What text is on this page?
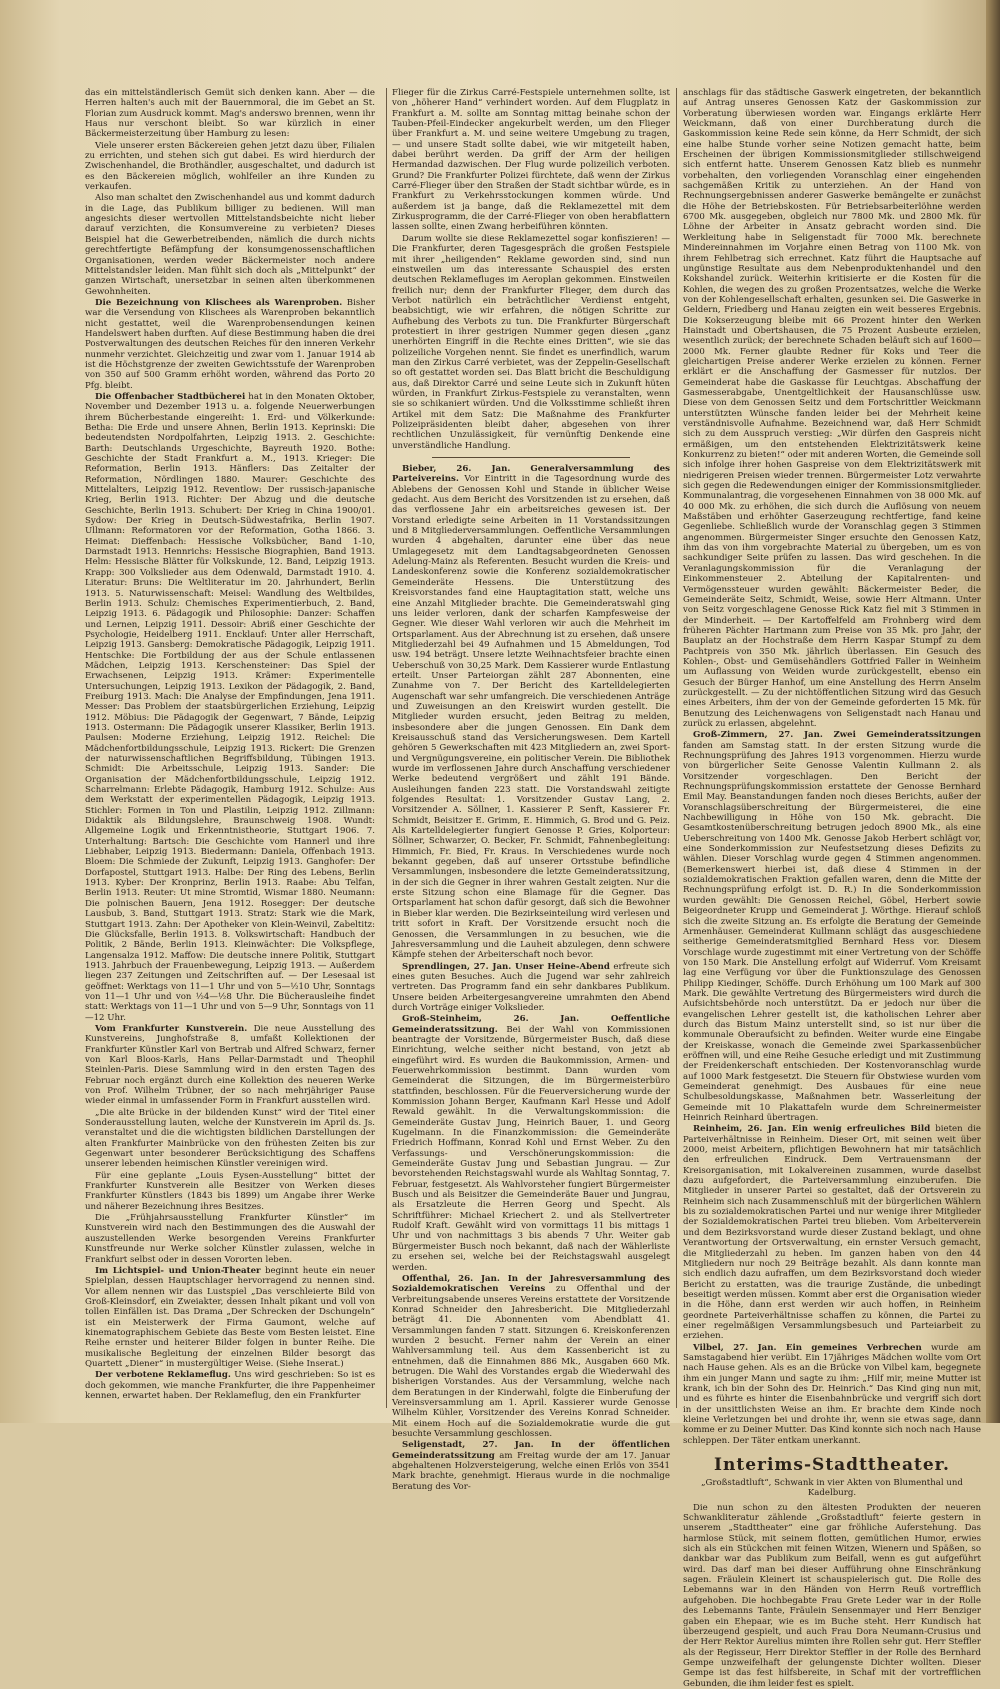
das ein mittelständlerisch Gemüt sich denken kann. Aber — die Herren halten's auch mit der Bauernmoral, die im Gebet an St. Florian zum Ausdruck kommt. Mag's anderswo brennen, wenn ihr Haus nur verschont bleibt. So war kürzlich in einer Bäckermeisterzeitung über Hamburg zu lesen:

Viele unserer ersten Bäckereien gehen jetzt dazu über, Filialen zu errichten, und stehen sich gut dabei. Es wird hierdurch der Zwischenhandel, die Brothändler, ausgeschaltet, und dadurch ist es den Bäckereien möglich, wohlfeiler an ihre Kunden zu verkaufen.

Also man schaltet den Zwischenhandel aus und kommt dadurch in die Lage, das Publikum billiger zu bedienen. Will man angesichts dieser wertvollen Mittelstandsbeichte nicht lieber darauf verzichten, die Konsumvereine zu verbieten? Dieses Beispiel hat die Gewerbetreibenden, nämlich die durch nichts gerechtfertigte Befämpfung der konsumgenossenschaftlichen Organisationen, werden weder Bäckermeister noch andere Mittelstandsler leiden. Man fühlt sich doch als „Mittelpunkt“ der ganzen Wirtschaft, unersetzbar in seinen alten überkommenen Gewohnheiten.

Die Bezeichnung von Klischees als Warenproben. Bisher war die Versendung von Klischees als Warenproben bekanntlich nicht gestattet, weil die Warenprobensendungen keinen Handelswert haben durften. Auf diese Bestimmung haben die drei Postverwaltungen des deutschen Reiches für den inneren Verkehr nunmehr verzichtet. Gleichzeitig und zwar vom 1. Januar 1914 ab ist die Höchstgrenze der zweiten Gewichtsstufe der Warenproben von 350 auf 500 Gramm erhöht worden, während das Porto 20 Pfg. bleibt.

Die Offenbacher Stadtbücherei hat in den Monaten Oktober, November und Dezember 1913 u. a. folgende Neuerwerbungen ihrem Bücherbestande eingereiht: 1. Erd- und Völkerkunde: Betha: Die Erde und unsere Ahnen, Berlin 1913. Keprinski: Die bedeutendsten Nordpolfahrten, Leipzig 1913. 2. Geschichte: Barth: Deutschlands Urgeschichte, Bayreuth 1920. Bothe: Geschichte der Stadt Frankfurt a. M., 1913. Krieger: Die Reformation, Berlin 1913. Hänflers: Das Zeitalter der Reformation, Nördlingen 1880. Maurer: Geschichte des Mittelalters, Leipzig 1912. Reventlow: Der russisch-japanische Krieg, Berlin 1913. Richter: Der Abzug und die deutsche Geschichte, Berlin 1913. Schubert: Der Krieg in China 1900/01. Sydow: Der Krieg in Deutsch-Südwestafrika, Berlin 1907. Ullmann: Reformatoren vor der Reformation, Gotha 1866. 3. Heimat: Dieffenbach: Hessische Volksbücher, Band 1-10, Darmstadt 1913. Hennrichs: Hessische Biographien, Band 1913. Helm: Hessische Blätter für Volkskunde, 12. Band, Leipzig 1913. Krapp: 300 Volkslieder aus dem Odenwald, Darmstadt 1910. 4. Literatur: Bruns: Die Weltliteratur im 20. Jahrhundert, Berlin 1913. 5. Naturwissenschaft: Meisel: Wandlung des Weltbildes, Berlin 1913. Schulz: Chemisches Experimentierbuch, 2. Band, Leipzig 1913. 6. Pädagogik und Philosophie: Danzer: Schaffen und Lernen, Leipzig 1911. Dessoir: Abriß einer Geschichte der Psychologie, Heidelberg 1911. Encklauf: Unter aller Herrschaft, Leipzig 1913. Gansberg: Demokratische Pädagogik, Leipzig 1911. Hentschke: Die Fortbildung der aus der Schule entlassenen Mädchen, Leipzig 1913. Kerschensteiner: Das Spiel der Erwachsenen, Leipzig 1913. Krämer: Experimentelle Untersuchungen, Leipzig 1913. Lexikon der Pädagogik, 2. Band, Freiburg 1913. Mach: Die Analyse der Empfindungen, Jena 1911. Messer: Das Problem der staatsbürgerlichen Erziehung, Leipzig 1912. Möbius: Die Pädagogik der Gegenwart, 7 Bände, Leipzig 1913. Ostermann: Die Pädagogik unserer Klassiker, Berlin 1913. Paulsen: Moderne Erziehung, Leipzig 1912. Reichel: Die Mädchenfortbildungsschule, Leipzig 1913. Rickert: Die Grenzen der naturwissenschaftlichen Begriffsbildung, Tübingen 1913. Schmidt: Die Arbeitsschule, Leipzig 1913. Sander: Die Organisation der Mädchenfortbildungsschule, Leipzig 1912. Scharrelmann: Erlebte Pädagogik, Hamburg 1912. Schulze: Aus dem Werkstatt der experimentellen Pädagogik, Leipzig 1913. Stichler: Formen in Ton und Plastilin, Leipzig 1912. Zillmann: Didaktik als Bildungslehre, Braunschweig 1908. Wundt: Allgemeine Logik und Erkenntnistheorie, Stuttgart 1906. 7. Unterhaltung: Bartsch: Die Geschichte vom Hannerl und ihre Liebhaber, Leipzig 1913. Biedermann: Daniela, Offenbach 1913. Bloem: Die Schmiede der Zukunft, Leipzig 1913. Ganghofer: Der Dorfapostel, Stuttgart 1913. Halbe: Der Ring des Lebens, Berlin 1913. Kyber: Der Kronprinz, Berlin 1913. Raabe: Abu Telfan, Berlin 1913. Reuter: Ut mine Stromtid, Wismar 1880. Neumann: Die polnischen Bauern, Jena 1912. Rosegger: Der deutsche Lausbub, 3. Band, Stuttgart 1913. Stratz: Stark wie die Mark, Stuttgart 1913. Zahn: Der Apotheker von Klein-Weinvil, Zabeltitz: Die Glücksfalle, Berlin 1913. 8. Volkswirtschaft: Handbuch der Politik, 2 Bände, Berlin 1913. Kleinwächter: Die Volkspflege, Langensalza 1912. Maffow: Die deutsche innere Politik, Stuttgart 1913. Jahrbuch der Frauenbewegung, Leipzig 1913. — Außerdem liegen 237 Zeitungen und Zeitschriften auf. — Der Lesesaal ist geöffnet: Werktags von 11—1 Uhr und von 5—½10 Uhr, Sonntags von 11—1 Uhr und von ½4—½8 Uhr. Die Bücherausleihe findet statt: Werktags von 11—1 Uhr und von 5—9 Uhr, Sonntags von 11—12 Uhr.

Vom Frankfurter Kunstverein. Die neue Ausstellung des Kunstvereins, Junghofstraße 8, umfaßt Kollektionen der Frankfurter Künstler Karl von Bertrab und Alfred Schwarz, ferner von Karl Bloos-Karls, Hans Pellar-Darmstadt und Theophil Steinlen-Paris. Diese Sammlung wird in den ersten Tagen des Februar noch ergänzt durch eine Kollektion des neueren Werke von Prof. Wilhelm Trübner, der so nach mehrjähriger Pause wieder einmal in umfassender Form in Frankfurt ausstellen wird.

„Die alte Brücke in der bildenden Kunst“ wird der Titel einer Sonderausstellung lauten, welche der Kunstverein im April ds. Js. veranstaltet und die die wichtigsten bildlichen Darstellungen der alten Frankfurter Mainbrücke von den frühesten Zeiten bis zur Gegenwart unter besonderer Berücksichtigung des Schaffens unserer lebenden heimischen Künstler vereinigen wird.

Für eine geplante „Louis Eysen-Ausstellung“ bittet der Frankfurter Kunstverein alle Besitzer von Werken dieses Frankfurter Künstlers (1843 bis 1899) um Angabe ihrer Werke und näherer Bezeichnung ihres Besitzes.

Die „Frühjahrsausstellung Frankfurter Künstler“ im Kunstverein wird nach den Bestimmungen des die Auswahl der auszustellenden Werke besorgenden Vereins Frankfurter Kunstfreunde nur Werke solcher Künstler zulassen, welche in Frankfurt selbst oder in dessen Vororten leben.

Im Lichtspiel- und Union-Theater beginnt heute ein neuer Spielplan, dessen Hauptschlager hervorragend zu nennen sind. Vor allem nennen wir das Lustspiel „Das verschleierte Bild von Groß-Kleinsdorf, ein Zweiakter, dessen Inhalt pikant und voll von tollen Einfällen ist. Das Drama „Der Schrecken der Dschungeln“ ist ein Meisterwerk der Firma Gaumont, welche auf kinematographischem Gebiete das Beste vom Besten leistet. Eine Reihe ernster und heiterer Bilder folgen in bunter Reihe. Die musikalische Begleitung der einzelnen Bilder besorgt das Quartett „Diener“ in mustergültiger Weise. (Siehe Inserat.)

Der verbotene Reklameflug. Uns wird geschrieben: So ist es doch gekommen, wie manche Frankfurter, die ihre Pappenheimer kennen, erwartet haben. Der Reklameflug, den ein Frankfurter

Flieger für die Zirkus Carré-Festspiele unternehmen sollte, ist von „höherer Hand“ verhindert worden. Auf dem Flugplatz in Frankfurt a. M. sollte am Sonntag mittag beinahe schon der Tauben-Pfeil-Eindecker angekurbelt werden, um den Flieger über Frankfurt a. M. und seine weitere Umgebung zu tragen, — und unsere Stadt sollte dabei, wie wir mitgeteilt haben, dabei berührt werden. Da griff der Arm der heiligen Hermandad dazwischen. Der Flug wurde polizeilich verboten. Grund? Die Frankfurter Polizei fürchtete, daß wenn der Zirkus Carré-Flieger über den Straßen der Stadt sichtbar würde, es in Frankfurt zu Verkehrsstockungen kommen würde. Und außerdem ist ja bange, daß die Reklamezettel mit dem Zirkusprogramm, die der Carré-Flieger von oben herabflattern lassen sollte, einen Zwang herbeiführen könnten.

Darum wollte sie diese Reklamezettel sogar konfiszieren! — Die Frankfurter, deren Tagesgespräch die großen Festspiele mit ihrer „heiligenden“ Reklame geworden sind, sind nun einstweilen um das interessante Schauspiel des ersten deutschen Reklamefluges im Aeroplan gekommen. Einstweilen freilich nur; denn der Frankfurter Flieger, dem durch das Verbot natürlich ein beträchtlicher Verdienst entgeht, beabsichtigt, wie wir erfahren, die nötigen Schritte zur Aufhebung des Verbots zu tun. Die Frankfurter Bürgerschaft protestiert in ihrer gestrigen Nummer gegen diesen „ganz unerhörten Eingriff in die Rechte eines Dritten“, wie sie das polizeiliche Vorgehen nennt. Sie findet es unerfindlich, warum man den Zirkus Carré verbietet, was der Zeppelin-Gesellschaft so oft gestattet worden sei. Das Blatt bricht die Beschuldigung aus, daß Direktor Carré und seine Leute sich in Zukunft hüten würden, in Frankfurt Zirkus-Festspiele zu veranstalten, wenn sie so schikaniert würden. Und die Volksstimme schließt ihren Artikel mit dem Satz: Die Maßnahme des Frankfurter Polizeipräsidenten bleibt daher, abgesehen von ihrer rechtlichen Unzulässigkeit, für vernünftig Denkende eine unverständliche Handlung.

Bieber, 26. Jan. Generalversammlung des Parteivereins. Vor Eintritt in die Tagesordnung wurde des Ablebens der Genossen Kohl und Stande in üblicher Weise gedacht. Aus dem Bericht des Vorsitzenden ist zu ersehen, daß das verflossene Jahr ein arbeitsreiches gewesen ist. Der Vorstand erledigte seine Arbeiten in 11 Vorstandssitzungen und 8 Mitgliederversammlungen. Oeffentliche Versammlungen wurden 4 abgehalten, darunter eine über das neue Umlagegesetz mit dem Landtagsabgeordneten Genossen Adelung-Mainz als Referenten. Besucht wurden die Kreis- und Landeskonferenz sowie die Konferenz sozialdemokratischer Gemeinderäte Hessens. Die Unterstützung des Kreisvorstandes fand eine Hauptagitation statt, welche uns eine Anzahl Mitglieder brachte. Die Gemeinderatswahl ging uns leider verloren, dank der scharfen Kampfesweise der Gegner. Wie dieser Wahl verloren wir auch die Mehrheit im Ortsparlament. Aus der Abrechnung ist zu ersehen, daß unsere Mitgliederzahl bei 49 Aufnahmen und 15 Abmeldungen, Tod usw. 194 beträgt. Unsere letzte Weihnachtsfeier brachte einen Ueberschuß von 30,25 Mark. Dem Kassierer wurde Entlastung erteilt. Unser Parteiorgan zählt 287 Abonnenten, eine Zunahme von 7. Der Bericht des Kartelldelegierten Augenschaft war sehr umfangreich. Die verschiedenen Anträge und Zuweisungen an den Kreiswirt wurden gestellt. Die Mitglieder wurden ersucht, jeden Beitrag zu melden, insbesondere aber die jungen Genossen. Ein Dank dem Kreisausschuß stand das Versicherungswesen. Dem Kartell gehören 5 Gewerkschaften mit 423 Mitgliedern an, zwei Sport- und Vergnügungsvereine, ein politischer Verein. Die Bibliothek wurde im verflossenen Jahre durch Anschaffung verschiedener Werke bedeutend vergrößert und zählt 191 Bände. Ausleihungen fanden 223 statt. Die Vorstandswahl zeitigte folgendes Resultat: 1. Vorsitzender Gustav Lang, 2. Vorsitzender A. Söllner, 1. Kassierer P. Senft, Kassierer Fr. Schmidt, Beisitzer E. Grimm, E. Himmich, G. Brod und G. Peiz. Als Kartelldelegierter fungiert Genosse P. Gries, Kolporteur: Söllner, Schwarzer, O. Becker, Fr. Schmidt, Fahnenbegleitung: Himmich, Fr. Bied, Fr. Kraus. In Verschiedenes wurde noch bekannt gegeben, daß auf unserer Ortsstube befindliche Versammlungen, insbesondere die letzte Gemeinderatssitzung, in der sich die Gegner in ihrer wahren Gestalt zeigten. Nur die erste Sitzung schon eine Blamage für die Gegner. Das Ortsparlament hat schon dafür gesorgt, daß sich die Bewohner in Bieber klar werden. Die Bezirkseinteilung wird verlesen und tritt sofort in Kraft. Der Vorsitzende ersucht noch die Genossen, die Versammlungen in zu besuchen, wie die Jahresversammlung und die Lauheit abzulegen, denn schwere Kämpfe stehen der Arbeiterschaft noch bevor.

Sprendlingen, 27. Jan. Unser Heine-Abend erfreute sich eines guten Besuches. Auch die Jugend war sehr zahlreich vertreten. Das Programm fand ein sehr dankbares Publikum. Unsere beiden Arbeitergesangvereine umrahmten den Abend durch Vorträge einiger Volkslieder.

Groß-Steinheim, 26. Jan. Oeffentliche Gemeinderatssitzung. Bei der Wahl von Kommissionen beantragte der Vorsitzende, Bürgermeister Busch, daß diese Einrichtung, welche seither nicht bestand, von jetzt ab eingeführt wird. Es wurden die Baukommission, Armen- und Feuerwehrkommission bestimmt. Dann wurden vom Gemeinderat die Sitzungen, die im Bürgermeisterbüro stattfinden, beschlossen. Für die Feuerversicherung wurde der Kommission Johann Berger, Kaufmann Karl Hesse und Adolf Rewald gewählt. In die Verwaltungskommission: die Gemeinderäte Gustav Jung, Heinrich Bauer, 1. und Georg Kugelmann. In die Finanzkommission: die Gemeinderäte Friedrich Hoffmann, Konrad Kohl und Ernst Weber. Zu den Verfassungs- und Verschönerungskommission: die Gemeinderäte Gustav Jung und Sebastian Jungrau. — Zur bevorstehenden Reichstagswahl wurde als Wahltag Sonntag, 7. Februar, festgesetzt. Als Wahlvorsteher fungiert Bürgermeister Busch und als Beisitzer die Gemeinderäte Bauer und Jungrau, als Ersatzleute die Herren Georg und Specht. Als Schriftführer: Michael Kriechert 2. und als Stellvertreter Rudolf Kraft. Gewählt wird von vormittags 11 bis mittags 1 Uhr und von nachmittags 3 bis abends 7 Uhr. Weiter gab Bürgermeister Busch noch bekannt, daß nach der Wählerliste zu ersehen sei, welche bei der Reichstagswahl ausgelegt werden.

Offenthal, 26. Jan. In der Jahresversammlung des Sozialdemokratischen Vereins zu Offenthal und der Verbreitungsabende unseres Vereins erstattete der Vorsitzende Konrad Schneider den Jahresbericht. Die Mitgliederzahl beträgt 41. Die Abonnenten vom Abendblatt 41. Versammlungen fanden 7 statt. Sitzungen 6. Kreiskonferenzen wurden 2 besucht. Ferner nahm der Verein an einer Wahlversammlung teil. Aus dem Kassenbericht ist zu entnehmen, daß die Einnahmen 886 Mk., Ausgaben 660 Mk. betrugen. Die Wahl des Vorstandes ergab die Wiederwahl des bisherigen Vorstandes. Aus der Versammlung, welche nach dem Beratungen in der Kinderwahl, folgte die Einberufung der Vereinsversammlung am 1. April. Kassierer wurde Genosse Wilhelm Kühler, Vorsitzender des Vereins Konrad Schneider. Mit einem Hoch auf die Sozialdemokratie wurde die gut besuchte Versammlung geschlossen.

Seligenstadt, 27. Jan. In der öffentlichen Gemeinderatssitzung am Freitag wurde der am 17. Januar abgehaltenen Holzversteigerung, welche einen Erlös von 3541 Mark brachte, genehmigt. Hieraus wurde in die nochmalige Beratung des Vor-

anschlags für das städtische Gaswerk eingetreten, der bekanntlich auf Antrag unseres Genossen Katz der Gaskommission zur Vorberatung überwiesen worden war. Eingangs erklärte Herr Weickmann, daß von einer Durchberatung durch die Gaskommission keine Rede sein könne, da Herr Schmidt, der sich eine halbe Stunde vorher seine Notizen gemacht hatte, beim Erscheinen der übrigen Kommissionsmitglieder stillschweigend sich entfernt hatte. Unserem Genossen Katz blieb es nunmehr vorbehalten, den vorliegenden Voranschlag einer eingehenden sachgemäßen Kritik zu unterziehen. An der Hand von Rechnungsergebnissen anderer Gaswerke bemängelte er zunächst die Höhe der Betriebskosten. Für Betriebsarbeiterlöhne werden 6700 Mk. ausgegeben, obgleich nur 7800 Mk. und 2800 Mk. für Löhne der Arbeiter in Ansatz gebracht worden sind. Die Werkleitung habe in Seligenstadt für 7000 Mk. berechnete Mindereinnahmen im Vorjahre einen Betrag von 1100 Mk. von ihrem Fehlbetrag sich errechnet. Katz führt die Hauptsache auf ungünstige Resultate aus dem Nebenproduktenhandel und den Kokshandel zurück. Weiterhin kritisierte er die Kosten für die Kohlen, die wegen des zu großen Prozentsatzes, welche die Werke von der Kohlengesellschaft erhalten, gesunken sei. Die Gaswerke in Geldern, Friedberg und Hanau zeigten ein weit besseres Ergebnis. Die Kokserzeugung bleibe mit 66 Prozent hinter den Werken Hainstadt und Obertshausen, die 75 Prozent Ausbeute erzielen, wesentlich zurück; der berechnete Schaden beläuft sich auf 1600—2000 Mk. Ferner glaubte Redner für Koks und Teer die gleichartigen Preise anderer Werke erzielen zu können. Ferner erklärt er die Anschaffung der Gasmesser für nutzlos. Der Gemeinderat habe die Gaskasse für Leuchtgas. Abschaffung der Gasmesserabgabe, Unentgeltlichkeit der Hausanschlüsse usw. Diese von dem Genossen Seitz und dem Fortschrittler Weickmann unterstützten Wünsche fanden leider bei der Mehrheit keine verständnisvolle Aufnahme. Bezeichnend war, daß Herr Schmidt sich zu dem Ausspruch verstieg: „Wir dürfen den Gaspreis nicht ermäßigen, um den entstehenden Elektrizitätswerk keine Konkurrenz zu bieten!“ oder mit anderen Worten, die Gemeinde soll sich infolge ihrer hohen Gaspreise von dem Elektrizitätswerk mit niedrigeren Preisen wieder trennen. Bürgermeister Lotz verwahrte sich gegen die Redewendungen einiger der Kommissionsmitglieder. Kommunalantrag, die vorgesehenen Einnahmen von 38 000 Mk. auf 40 000 Mk. zu erhöhen, die sich durch die Auflösung von neuem Maßstäben und erhöhter Gaserzeugung rechtfertige, fand keine Gegenliebe. Schließlich wurde der Voranschlag gegen 3 Stimmen angenommen. Bürgermeister Singer ersuchte den Genossen Katz, ihm das von ihm vorgebrachte Material zu übergeben, um es von sachkundiger Seite prüfen zu lassen. Das wird geschehen. In die Veranlagungskommission für die Veranlagung der Einkommensteuer 2. Abteilung der Kapitalrenten- und Vermögenssteuer wurden gewählt: Bäckermeister Beder, die Gemeinderäte Seitz, Schmidt, Weise, sowie Herr Altmann. Unter von Seitz vorgeschlagene Genosse Rick Katz fiel mit 3 Stimmen in der Minderheit. — Der Kartoffelfeld am Frohnberg wird dem früheren Pächter Hartmann zum Preise von 35 Mk. pro Jahr, der Bauplatz an der Hochstraße dem Herrn Kaspar Stumpf zu dem Pachtpreis von 350 Mk. jährlich überlassen. Ein Gesuch des Kohlen-, Obst- und Gemüsehändlers Gottfried Faller in Weinheim um Auflassung von Weiden wurde zurückgestellt, ebenso ein Gesuch der Bürger Hanhof, um eine Anstellung des Herrn Anselm zurückgestellt. — Zu der nichtöffentlichen Sitzung wird das Gesuch eines Arbeiters, ihm der von der Gemeinde geforderten 15 Mk. für Benutzung des Leichenwagens von Seligenstadt nach Hanau und zurück zu erlassen, abgelehnt.

Groß-Zimmern, 27. Jan. Zwei Gemeinderatssitzungen fanden am Samstag statt. In der ersten Sitzung wurde die Rechnungsprüfung des Jahres 1913 vorgenommen. Hierzu wurde von bürgerlicher Seite Genosse Valentin Kullmann 2. als Vorsitzender vorgeschlagen. Den Bericht der Rechnungsprüfungskommission erstattete der Genosse Bernhard Emil May. Beanstandungen fanden noch dieses Berichts, außer der Voranschlagsüberschreitung der Bürgermeisterei, die eine Nachbewilligung in Höhe von 150 Mk. gebracht. Die Gesamtkostenüberschreitung betrugen jedoch 8900 Mk., als eine Ueberschreitung von 1400 Mk. Genosse Jakob Herbert schlägt vor, eine Sonderkommission zur Neufestsetzung dieses Defizits zu wählen. Dieser Vorschlag wurde gegen 4 Stimmen angenommen. (Bemerkenswert hierbei ist, daß diese 4 Stimmen in der sozialdemokratischen Fraktion gefallen waren, denn die Mitte der Rechnungsprüfung erfolgt ist. D. R.) In die Sonderkommission wurden gewählt: Die Genossen Reichel, Göbel, Herbert sowie Beigeordneter Krupp und Gemeinderat J. Wörthge. Hierauf schloß sich die zweite Sitzung an. Es erfolgte die Beratung der Gemeinde Armenhäuser. Gemeinderat Kullmann schlägt das ausgeschiedene seitherige Gemeinderatsmitglied Bernhard Hess vor. Diesem Vorschlage wurde zugestimmt mit einer Vertretung von der Schöffe von 150 Mark. Die Anstellung erfolgt auf Widerruf. Vom Kreisamt lag eine Verfügung vor über die Funktionszulage des Genossen Philipp Kiedinger, Schöffe. Durch Erhöhung um 100 Mark auf 300 Mark. Die gewählte Vertretung des Bürgermeisters wird durch die Aufsichtsbehörde noch unterstützt. Da er jedoch nur über die evangelischen Lehrer gestellt ist, die katholischen Lehrer aber durch das Bistum Mainz unterstellt sind, so ist nur über die kommunale Oberaufsicht zu befinden. Weiter wurde eine Eingabe der Kreiskasse, wonach die Gemeinde zwei Sparkassenbücher eröffnen will, und eine Reihe Gesuche erledigt und mit Zustimmung der Freidenkerschaft entschieden. Der Kostenvoranschlag wurde auf 1000 Mark festgesetzt. Die Steuern für Obstwiese wurden vom Gemeinderat genehmigt. Des Ausbaues für eine neue Schulbesoldungskasse, Maßnahmen betr. Wasserleitung der Gemeinde mit 10 Plakattafeln wurde dem Schreinermeister Heinrich Reinhard übertragen.

Reinheim, 26. Jan. Ein wenig erfreuliches Bild bieten die Parteiverhältnisse in Reinheim. Dieser Ort, mit seinen weit über 2000, meist Arbeitern, pflichtigen Bewohnern hat mir tatsächlich den erfreulichen Eindruck. Dem Vertrauensmann der Kreisorganisation, mit Lokalvereinen zusammen, wurde daselbst dazu aufgefordert, die Parteiversammlung einzuberufen. Die Mitglieder in unserer Partei so gestaltet, daß der Ortsverein zu Reinheim sich nach Zusammenschluß mit der bürgerlichen Wählern bis zu sozialdemokratischen Partei und nur wenige ihrer Mitglieder der Sozialdemokratischen Partei treu blieben. Vom Arbeiterverein und dem Bezirksvorstand wurde dieser Zustand beklagt, und ohne Verantwortung der Ortsverwaltung, ein ernster Versuch gemacht, die Mitgliederzahl zu heben. Im ganzen haben von den 44 Mitgliedern nur noch 29 Beiträge bezahlt. Als dann konnte man sich endlich dazu aufraffen, um dem Bezirksvorstand doch wieder Bericht zu erstatten, was die traurige Zustände, die unbedingt beseitigt werden müssen. Kommt aber erst die Organisation wieder in die Höhe, dann erst werden wir auch hoffen, in Reinheim geordnete Parteiverhältnisse schaffen zu können, die Partei zu einer regelmäßigen Versammlungsbesuch und Parteiarbeit zu erziehen.

Vilbel, 27. Jan. Ein gemeines Verbrechen wurde am Samstagabend hier verübt. Ein 17jähriges Mädchen wollte vom Ort nach Hause gehen. Als es an die Brücke von Vilbel kam, begegnete ihm ein junger Mann und sagte zu ihm: „Hilf mir, meine Mutter ist krank, ich bin der Sohn des Dr. Heinrich.“ Das Kind ging nun mit, und es führte es hinter die Eisenbahnbrücke und vergriff sich dort in der unsittlichsten Weise an ihm. Er brachte dem Kinde noch kleine Verletzungen bei und drohte ihr, wenn sie etwas sage, dann komme er zu Deiner Mutter. Das Kind konnte sich noch nach Hause schleppen. Der Täter entkam unerkannt.

Interims-Stadttheater.
„Großstadtluft“, Schwank in vier Akten von Blumenthal und Kadelburg.

Die nun schon zu den ältesten Produkten der neueren Schwankliteratur zählende „Großstadtluft“ feierte gestern in unserem „Stadttheater“ eine gar fröhliche Auferstehung. Das harmlose Stück, mit seinem flotten, gemütlichen Humor, erwies sich als ein Stückchen mit feinen Witzen, Wienern und Späßen, so dankbar war das Publikum zum Beifall, wenn es gut aufgeführt wird. Das darf man bei dieser Aufführung ohne Einschränkung sagen. Fräulein Kleinert ist schauspielerisch gut. Die Rolle des Lebemanns war in den Händen von Herrn Reuß vortrefflich aufgehoben. Die hochbegabte Frau Grete Leder war in der Rolle des Lebemanns Tante, Fräulein Sensenmayer und Herr Benziger gaben ein Ehepaar, wie es im Buche steht. Herr Kundisch hat überzeugend gespielt, und auch Frau Dora Neumann-Crusius und der Herr Rektor Aurelius mimten ihre Rollen sehr gut. Herr Steffler als der Regisseur, Herr Direktor Steffler in der Rolle des Bernhard Gempe unzweifelhaft der gelungenste Dichter wollten. Dieser Gempe ist das fest hilfsbereite, in Schaf mit der vortrefflichen Gebunden, die ihm leider fest es spielt.
